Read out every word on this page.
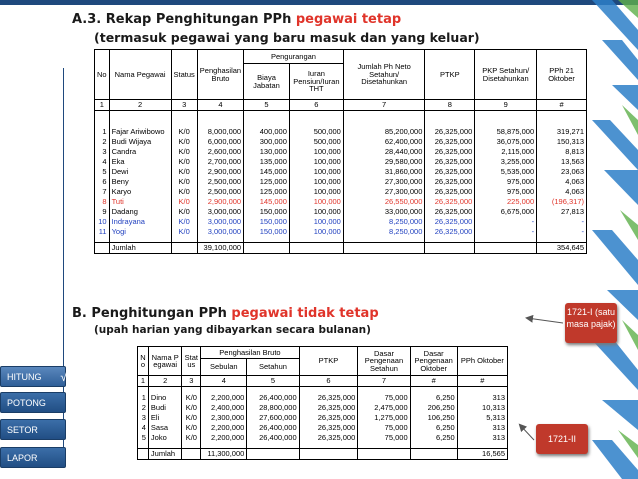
A.3. Rekap Penghitungan PPh pegawai tetap
(termasuk pegawai yang baru masuk dan yang keluar)
No	Nama Pegawai	Status	Penghasilan Bruto	Pengurangan		Jumlah Ph Neto Setahun/ Disetahunkan	PTKP	PKP Setahun/ Disetahunkan	PPh 21 Oktober
				Biaya Jabatan	Iuran Pensiun/Iuran THT				
1	2	3	4	5	6	7	8	9	#

1	Fajar Ariwibowo	K/0	8,000,000	400,000	500,000	85,200,000	26,325,000	58,875,000	319,271
2	Budi Wijaya	K/0	6,000,000	300,000	500,000	62,400,000	26,325,000	36,075,000	150,313
3	Candra	K/0	2,600,000	130,000	100,000	28,440,000	26,325,000	2,115,000	8,813
4	Eka	K/0	2,700,000	135,000	100,000	29,580,000	26,325,000	3,255,000	13,563
5	Dewi	K/0	2,900,000	145,000	100,000	31,860,000	26,325,000	5,535,000	23,063
6	Beny	K/0	2,500,000	125,000	100,000	27,300,000	26,325,000	975,000	4,063
7	Karyo	K/0	2,500,000	125,000	100,000	27,300,000	26,325,000	975,000	4,063
8	Tuti	K/0	2,900,000	145,000	100,000	26,550,000	26,325,000	225,000	(196,317)
9	Dadang	K/0	3,000,000	150,000	100,000	33,000,000	26,325,000	6,675,000	27,813
10	Indrayana	K/0	3,000,000	150,000	100,000	8,250,000	26,325,000	-	-
11	Yogi	K/0	3,000,000	150,000	100,000	8,250,000	26,325,000	-	-

	Jumlah		39,100,000						354,645
B. Penghitungan PPh pegawai tidak tetap
(upah harian yang dibayarkan secara bulanan)
No	Nama Pegawai	Status	Penghasilan Bruto		PTKP	Dasar Pengenaan Setahun	Dasar Pengenaan Oktober	PPh Oktober
			Sebulan	Setahun				
1	2	3	4	5	6	7	#	#

1	Dino	K/0	2,200,000	26,400,000	26,325,000	75,000	6,250	313
2	Budi	K/0	2,400,000	28,800,000	26,325,000	2,475,000	206,250	10,313
3	Eli	K/0	2,300,000	27,600,000	26,325,000	1,275,000	106,250	5,313
4	Sasa	K/0	2,200,000	26,400,000	26,325,000	75,000	6,250	313
5	Joko	K/0	2,200,000	26,400,000	26,325,000	75,000	6,250	313

	Jumlah		11,300,000					16,565
HITUNG √
POTONG
SETOR
LAPOR
1721-I (satu masa pajak)
1721-II
